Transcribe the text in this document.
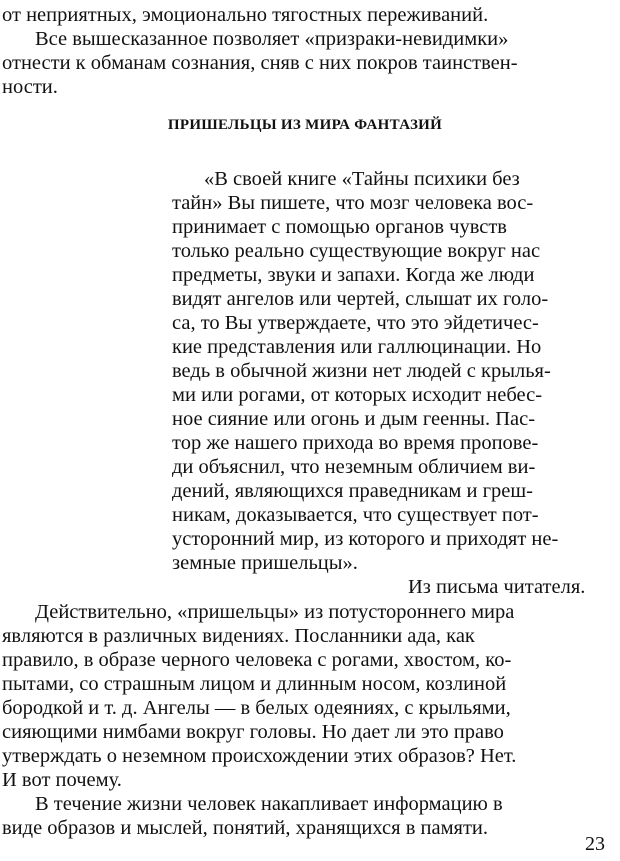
от неприятных, эмоционально тягостных переживаний.
Все вышесказанное позволяет «призраки-невидимки»
отнести к обманам сознания, сняв с них покров таинствен-
ности.
ПРИШЕЛЬЦЫ ИЗ МИРА ФАНТАЗИЙ
«В своей книге «Тайны психики без
тайн» Вы пишете, что мозг человека вос-
принимает с помощью органов чувств
только реально существующие вокруг нас
предметы, звуки и запахи. Когда же люди
видят ангелов или чертей, слышат их голо-
са, то Вы утверждаете, что это эйдетичес-
кие представления или галлюцинации. Но
ведь в обычной жизни нет людей с крылья-
ми или рогами, от которых исходит небес-
ное сияние или огонь и дым геенны. Пас-
тор же нашего прихода во время пропове-
ди объяснил, что неземным обличием ви-
дений, являющихся праведникам и греш-
никам, доказывается, что существует пот-
усторонний мир, из которого и приходят не-
земные пришельцы».
Из письма читателя.
Действительно, «пришельцы» из потустороннего мира
являются в различных видениях. Посланники ада, как
правило, в образе черного человека с рогами, хвостом, ко-
пытами, со страшным лицом и длинным носом, козлиной
бородкой и т. д. Ангелы — в белых одеяниях, с крыльями,
сияющими нимбами вокруг головы. Но дает ли это право
утверждать о неземном происхождении этих образов? Нет.
И вот почему.
В течение жизни человек накапливает информацию в
виде образов и мыслей, понятий, хранящихся в памяти.
23
